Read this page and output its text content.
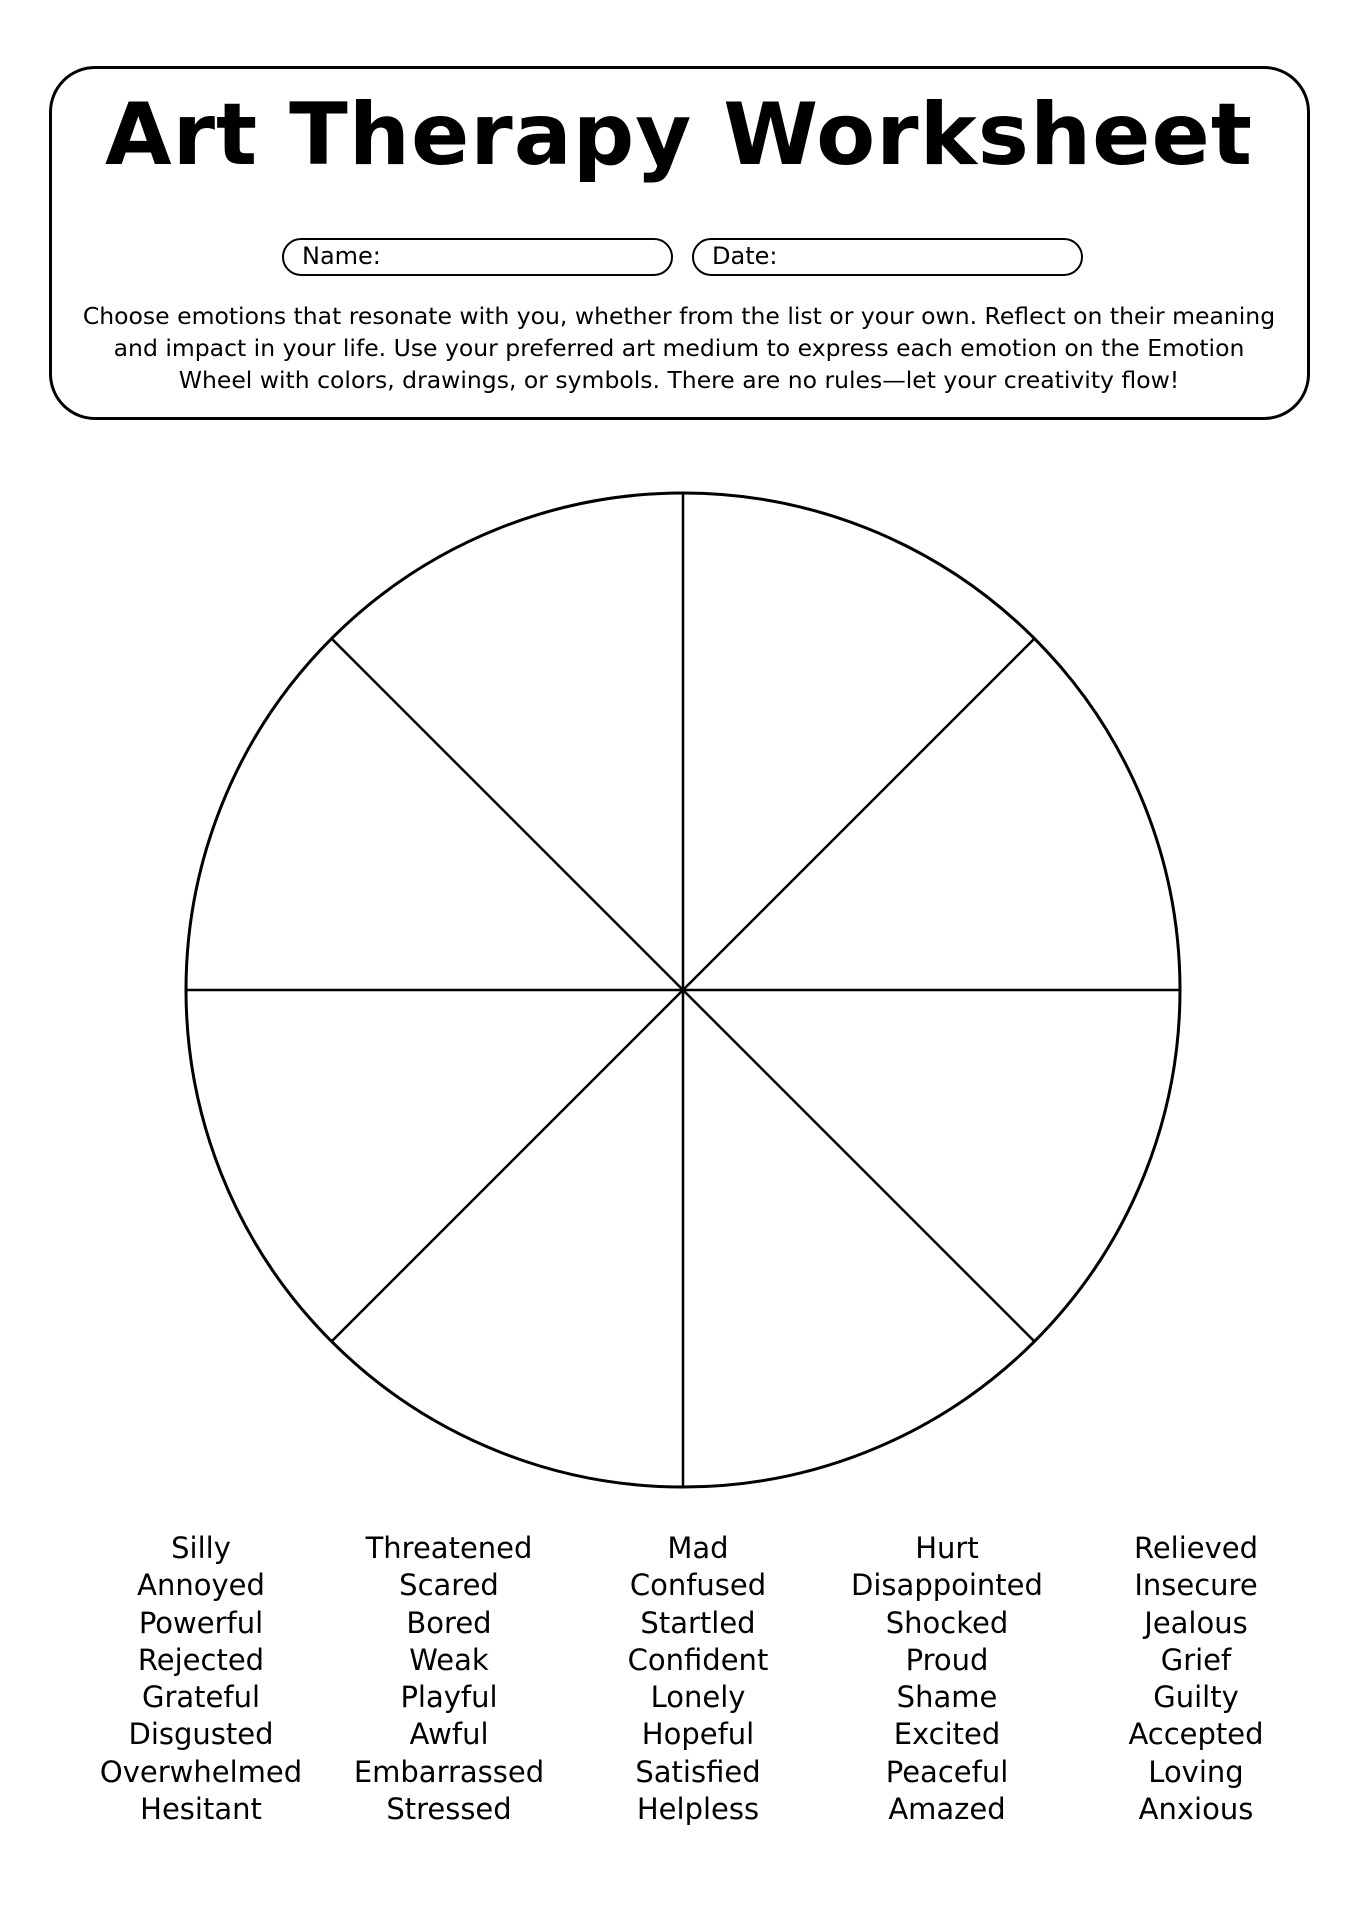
Art Therapy Worksheet
Name:	Date:

Choose emotions that resonate with you, whether from the list or your own. Reflect on their meaning and impact in your life. Use your preferred art medium to express each emotion on the Emotion Wheel with colors, drawings, or symbols. There are no rules—let your creativity flow!

Silly
Annoyed
Powerful
Rejected
Grateful
Disgusted
Overwhelmed
Hesitant
Threatened
Scared
Bored
Weak
Playful
Awful
Embarrassed
Stressed
Mad
Confused
Startled
Confident
Lonely
Hopeful
Satisfied
Helpless
Hurt
Disappointed
Shocked
Proud
Shame
Excited
Peaceful
Amazed
Relieved
Insecure
Jealous
Grief
Guilty
Accepted
Loving
Anxious
